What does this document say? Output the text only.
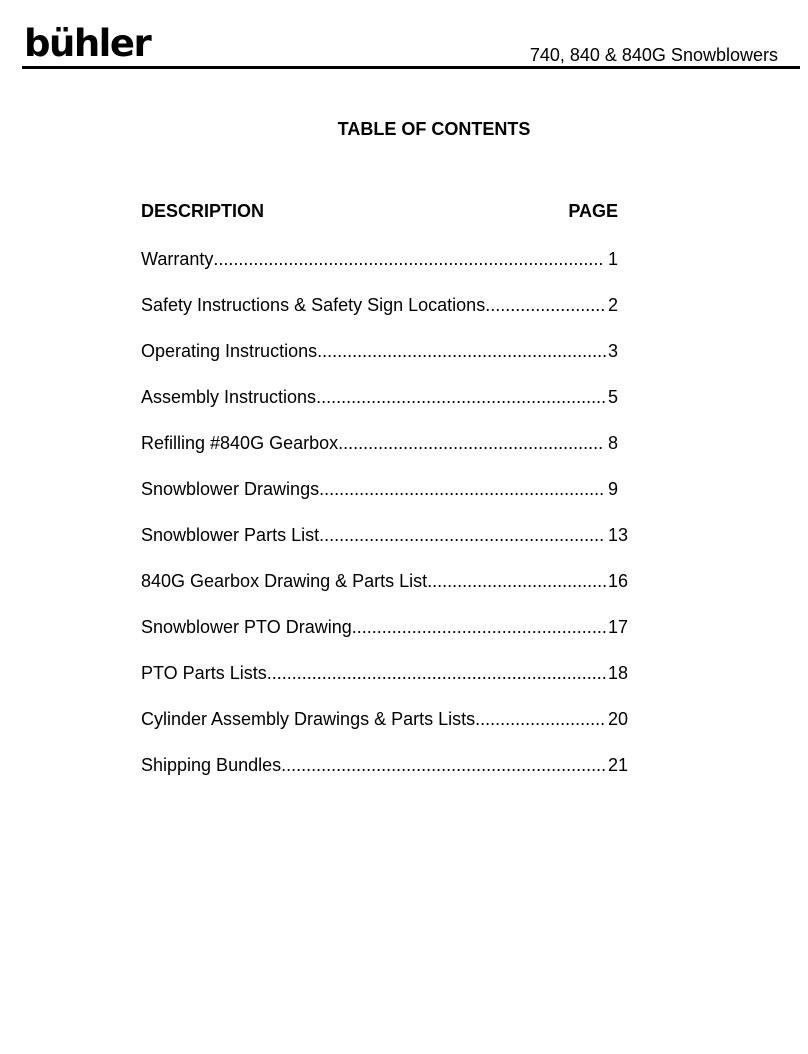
bühler	740, 840 & 840G Snowblowers
TABLE OF CONTENTS
DESCRIPTION	PAGE
Warranty .............................................................................. 1
Safety Instructions & Safety Sign Locations ........................ 2
Operating Instructions .......................................................... 3
Assembly Instructions .......................................................... 5
Refilling #840G Gearbox ..................................................... 8
Snowblower Drawings ......................................................... 9
Snowblower Parts List ......................................................... 13
840G Gearbox Drawing & Parts List .................................... 16
Snowblower PTO Drawing ................................................... 17
PTO Parts Lists .................................................................... 18
Cylinder Assembly Drawings & Parts Lists .......................... 20
Shipping Bundles ................................................................. 21
